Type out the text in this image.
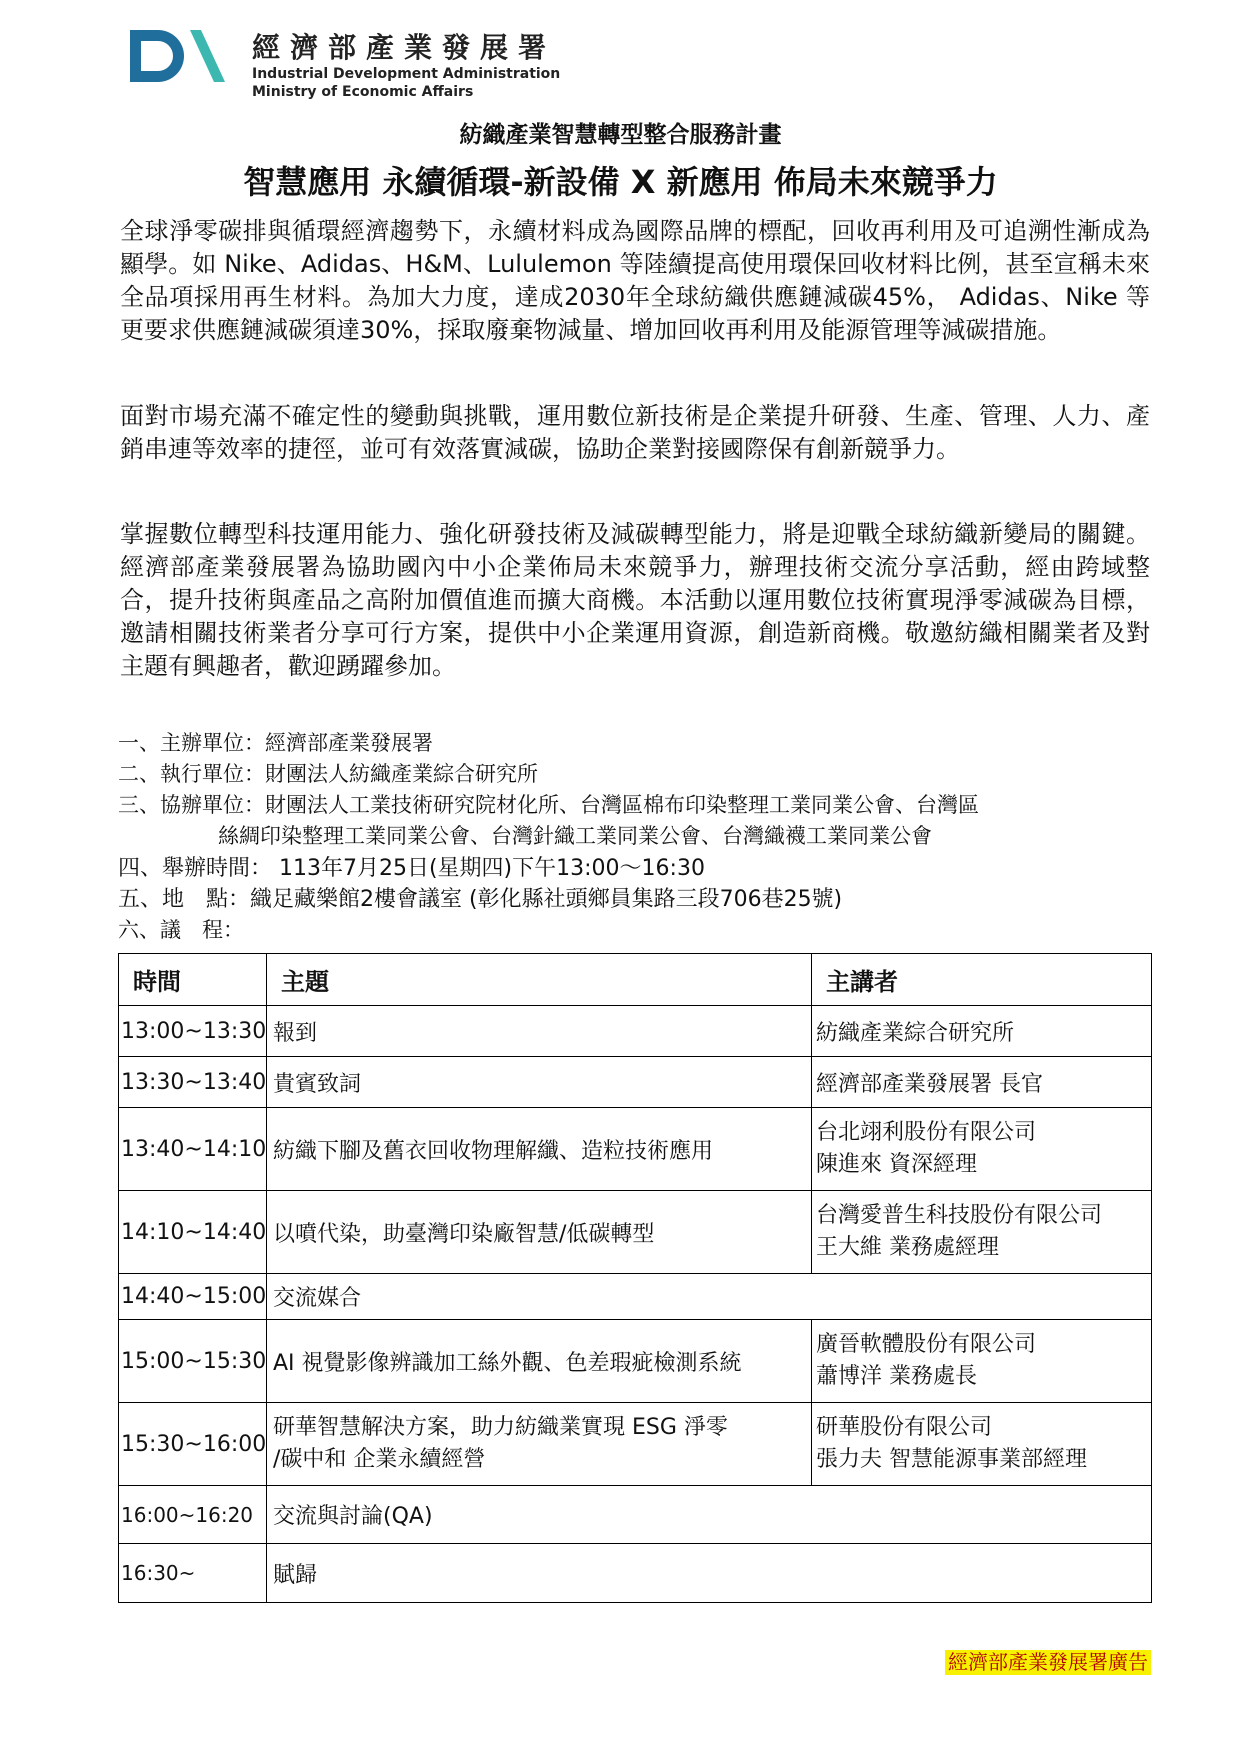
經濟部產業發展署
Industrial Development Administration
Ministry of Economic Affairs
紡織產業智慧轉型整合服務計畫
智慧應用 永續循環-新設備 X 新應用 佈局未來競爭力
全球淨零碳排與循環經濟趨勢下，永續材料成為國際品牌的標配，回收再利用及可追溯性漸成為顯學。如 Nike、Adidas、H&M、Lululemon 等陸續提高使用環保回收材料比例，甚至宣稱未來全品項採用再生材料。為加大力度，達成2030年全球紡織供應鏈減碳45%， Adidas、Nike 等更要求供應鏈減碳須達30%，採取廢棄物減量、增加回收再利用及能源管理等減碳措施。
面對市場充滿不確定性的變動與挑戰，運用數位新技術是企業提升研發、生產、管理、人力、產銷串連等效率的捷徑，並可有效落實減碳，協助企業對接國際保有創新競爭力。
掌握數位轉型科技運用能力、強化研發技術及減碳轉型能力，將是迎戰全球紡織新變局的關鍵。經濟部產業發展署為協助國內中小企業佈局未來競爭力，辦理技術交流分享活動，經由跨域整合，提升技術與產品之高附加價值進而擴大商機。本活動以運用數位技術實現淨零減碳為目標，邀請相關技術業者分享可行方案，提供中小企業運用資源，創造新商機。敬邀紡織相關業者及對主題有興趣者，歡迎踴躍參加。
一、主辦單位：經濟部產業發展署
二、執行單位：財團法人紡織產業綜合研究所
三、協辦單位：財團法人工業技術研究院材化所、台灣區棉布印染整理工業同業公會、台灣區
絲綢印染整理工業同業公會、台灣針織工業同業公會、台灣織襪工業同業公會
四、舉辦時間： 113年7月25日(星期四)下午13:00～16:30
五、地　點：織足藏樂館2樓會議室 (彰化縣社頭鄉員集路三段706巷25號)
六、議　程：
時間	主題	主講者
13:00~13:30	報到	紡織產業綜合研究所
13:30~13:40	貴賓致詞	經濟部產業發展署 長官
13:40~14:10	紡織下腳及舊衣回收物理解纖、造粒技術應用	台北翊利股份有限公司
陳進來 資深經理

14:10~14:40	以噴代染，助臺灣印染廠智慧/低碳轉型	台灣愛普生科技股份有限公司
王大維 業務處經理

14:40~15:00	交流媒合	
15:00~15:30	AI 視覺影像辨識加工絲外觀、色差瑕疵檢測系統	廣晉軟體股份有限公司
蕭博洋 業務處長

15:30~16:00	研華智慧解決方案，助力紡織業實現 ESG 淨零
/碳中和 企業永續經營	研華股份有限公司
張力夫 智慧能源事業部經理

16:00~16:20	交流與討論(QA)	
16:30~	賦歸	
經濟部產業發展署廣告
